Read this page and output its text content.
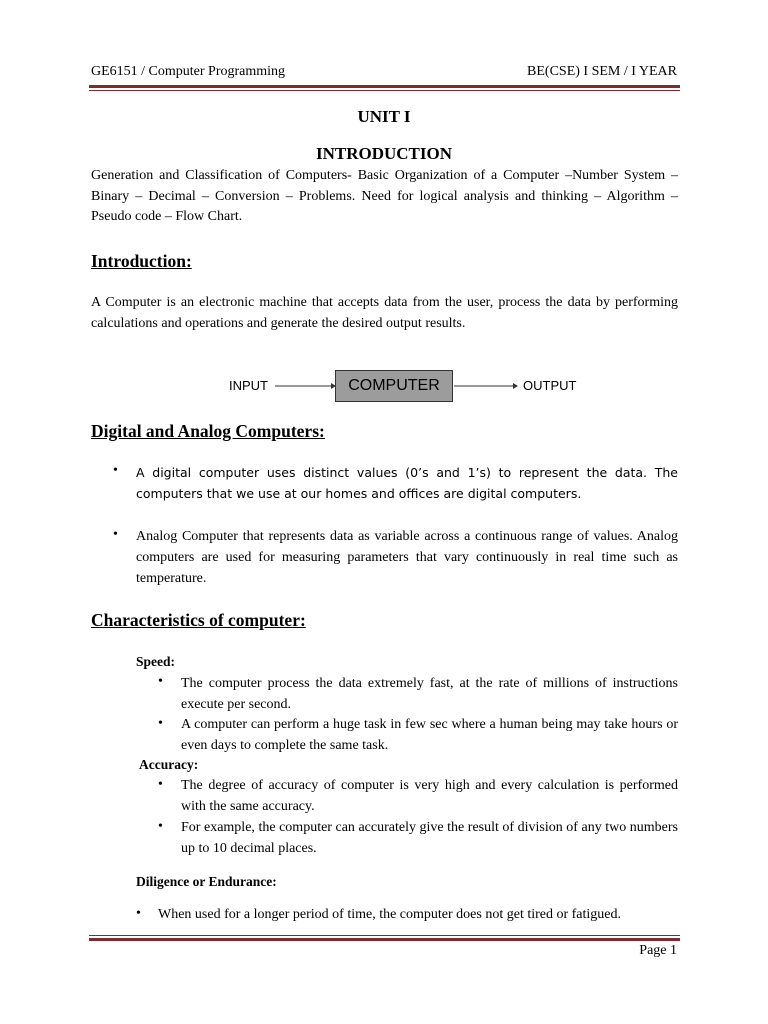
GE6151 / Computer Programming	BE(CSE) I SEM / I YEAR
UNIT I
INTRODUCTION

Generation and Classification of Computers- Basic Organization of a Computer –Number System –Binary – Decimal – Conversion – Problems. Need for logical analysis and thinking – Algorithm –Pseudo code – Flow Chart.

Introduction:

A Computer is an electronic machine that accepts data from the user, process the data by performing calculations and operations and generate the desired output results.

INPUT	COMPUTER	OUTPUT
Digital and Analog Computers:
• A digital computer uses distinct values (0’s and 1’s) to represent the data. The computers that we use at our homes and offices are digital computers.
• Analog Computer that represents data as variable across a continuous range of values. Analog computers are used for measuring parameters that vary continuously in real time such as temperature.
Characteristics of computer:
Speed:
• The computer process the data extremely fast, at the rate of millions of instructions execute per second.
• A computer can perform a huge task in few sec where a human being may take hours or even days to complete the same task.
Accuracy:
• The degree of accuracy of computer is very high and every calculation is performed with the same accuracy.
• For example, the computer can accurately give the result of division of any two numbers up to 10 decimal places.
Diligence or Endurance:
• When used for a longer period of time, the computer does not get tired or fatigued.
Page 1
